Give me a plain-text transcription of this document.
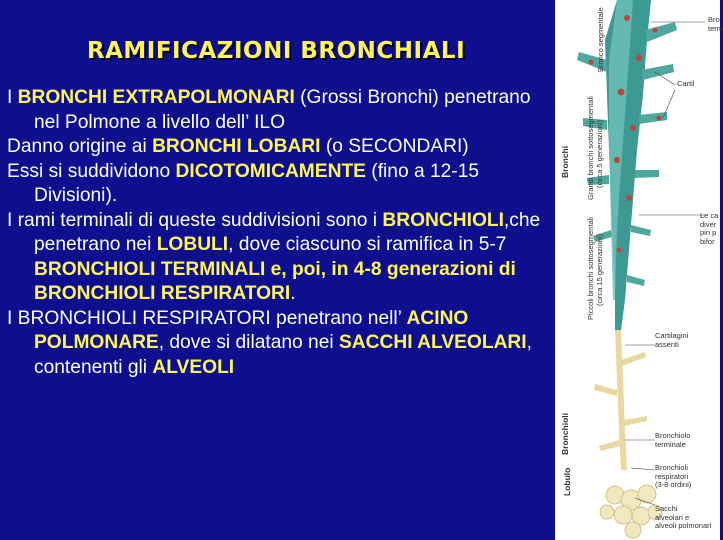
RAMIFICAZIONI BRONCHIALI

I BRONCHI EXTRAPOLMONARI (Grossi Bronchi) penetrano nel Polmone a livello dell’ ILO

Danno origine ai BRONCHI LOBARI (o SECONDARI)

Essi si suddividono DICOTOMICAMENTE (fino a 12-15 Divisioni).

I rami terminali di queste suddivisioni sono i BRONCHIOLI,che penetrano nei LOBULI, dove ciascuno si ramifica in 5-7 BRONCHIOLI TERMINALI e, poi, in 4-8 generazioni di BRONCHIOLI RESPIRATORI.

I BRONCHIOLI RESPIRATORI penetrano nell’ ACINO POLMONARE, dove si dilatano nei SACCHI ALVEOLARI, contenenti gli ALVEOLI

Bronchi
Bronco segmentale
Grandi bronchi sottosegmentali (circa 5 generazioni)
Piccoli bronchi sottosegmentali (circa 15 generazioni)
Bronchioli
Lobulo
Bro
term
Cartil
Le ca
diver
pin p
bifor
Cartilagini
assenti
Bronchiolo
terminale
Bronchioli
respiratori
(3-8 ordini)
Sacchi
alveolari e
alveoli polmonari
